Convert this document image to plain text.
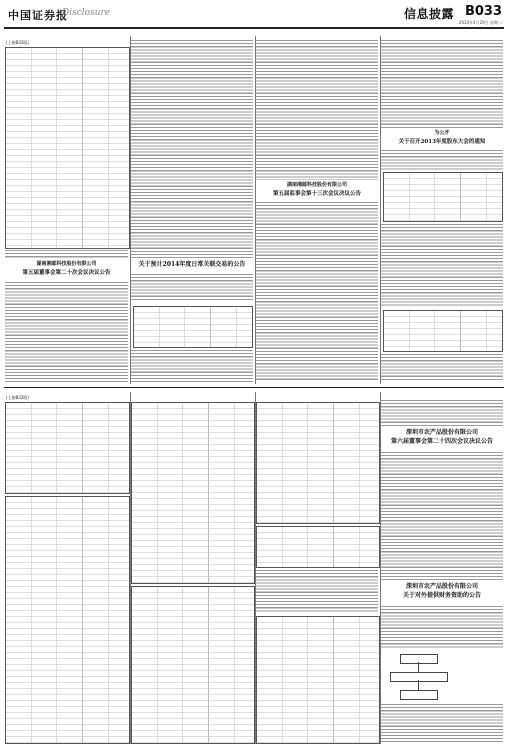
中国证券报
Disclosure	信息披露 B033
2014年4月29日 星期二
(上接B32版)
湖南湘邮科技股份有限公司
第五届董事会第二十次会议决议公告
关于预计2014年度日常关联交易的公告
湖南湘邮科技股份有限公司
第五届监事会第十三次会议决议公告
为公开
关于召开2013年度股东大会的通知
(上接B32版)
深圳市农产品股份有限公司
第六届董事会第二十四次会议决议公告
深圳市农产品股份有限公司
关于对外提供财务资助的公告
